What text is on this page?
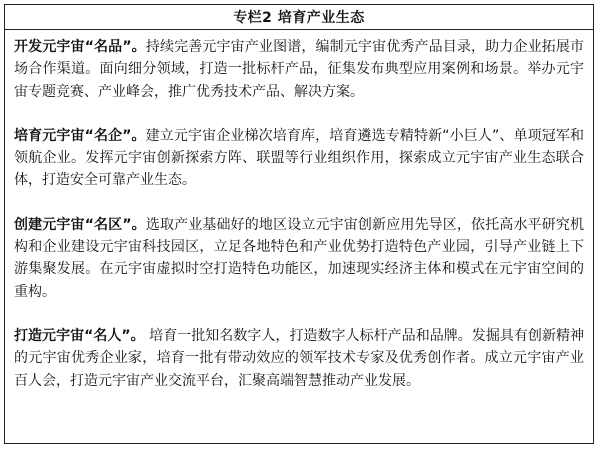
专栏2 培育产业生态

开发元宇宙“名品”。持续完善元宇宙产业图谱，编制元宇宙优秀产品目录，助力企业拓展市场合作渠道。面向细分领域，打造一批标杆产品，征集发布典型应用案例和场景。举办元宇宙专题竞赛、产业峰会，推广优秀技术产品、解决方案。

培育元宇宙“名企”。建立元宇宙企业梯次培育库，培育遴选专精特新“小巨人”、单项冠军和领航企业。发挥元宇宙创新探索方阵、联盟等行业组织作用，探索成立元宇宙产业生态联合体，打造安全可靠产业生态。

创建元宇宙“名区”。选取产业基础好的地区设立元宇宙创新应用先导区，依托高水平研究机构和企业建设元宇宙科技园区，立足各地特色和产业优势打造特色产业园，引导产业链上下游集聚发展。在元宇宙虚拟时空打造特色功能区，加速现实经济主体和模式在元宇宙空间的重构。

打造元宇宙“名人”。 培育一批知名数字人，打造数字人标杆产品和品牌。发掘具有创新精神的元宇宙优秀企业家，培育一批有带动效应的领军技术专家及优秀创作者。成立元宇宙产业百人会，打造元宇宙产业交流平台，汇聚高端智慧推动产业发展。
